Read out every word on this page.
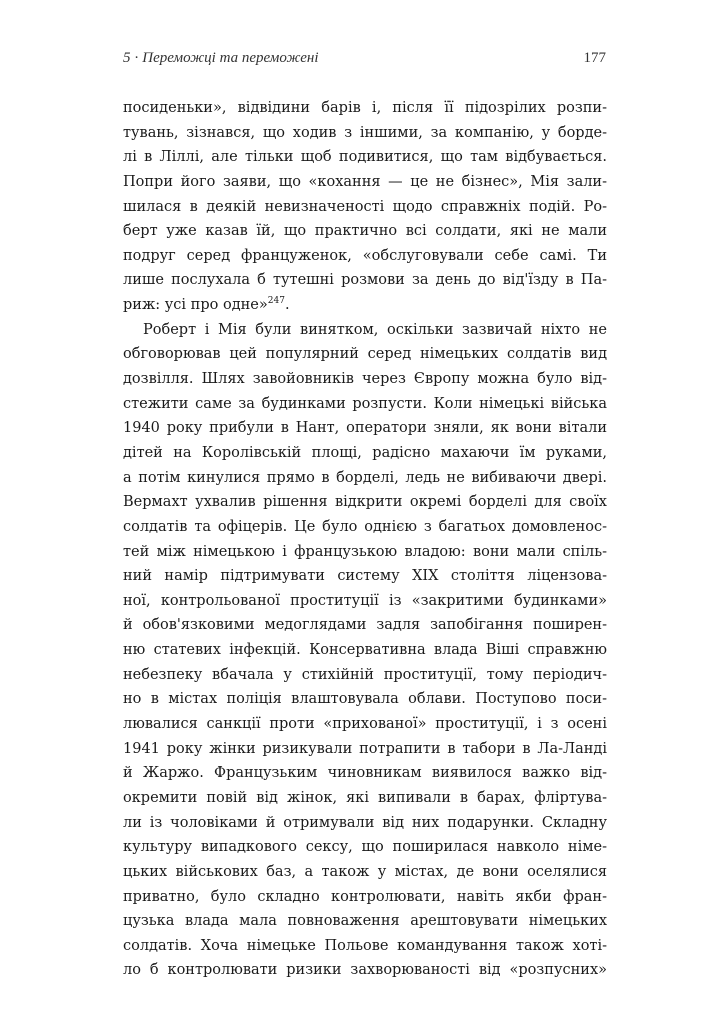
5 · Переможці та переможені	177
посиденьки», відвідини барів і, після її підозрілих розпи-
тувань, зізнався, що ходив з іншими, за компанію, у борде-
лі в Ліллі, але тільки щоб подивитися, що там відбувається.
Попри його заяви, що «кохання — це не бізнес», Мія зали-
шилася в деякій невизначеності щодо справжніх подій. Ро-
берт уже казав їй, що практично всі солдати, які не мали
подруг серед француженок, «обслуговували себе самі. Ти
лише послухала б тутешні розмови за день до від'їзду в Па-
риж: усі про одне»$^{247}$.
Роберт і Мія були винятком, оскільки зазвичай ніхто не
обговорював цей популярний серед німецьких солдатів вид
дозвілля. Шлях завойовників через Європу можна було від-
стежити саме за будинками розпусти. Коли німецькі війська
1940 року прибули в Нант, оператори зняли, як вони вітали
дітей на Королівській площі, радісно махаючи їм руками,
а потім кинулися прямо в борделі, ледь не вибиваючи двері.
Вермахт ухвалив рішення відкрити окремі борделі для своїх
солдатів та офіцерів. Це було однією з багатьох домовленос-
тей між німецькою і французькою владою: вони мали спіль-
ний намір підтримувати систему XIX століття ліцензова-
ної, контрольованої проституції із «закритими будинками»
й обов'язковими медоглядами задля запобігання поширен-
ню статевих інфекцій. Консервативна влада Віші справжню
небезпеку вбачала у стихійній проституції, тому періодич-
но в містах поліція влаштовувала облави. Поступово поси-
лювалися санкції проти «прихованої» проституції, і з осені
1941 року жінки ризикували потрапити в табори в Ла-Ланді
й Жаржо. Французьким чиновникам виявилося важко від-
окремити повій від жінок, які випивали в барах, флiртува-
ли із чоловіками й отримували від них подарунки. Складну
культуру випадкового сексу, що поширилася навколо німе-
цьких військових баз, а також у містах, де вони оселялися
приватно, було складно контролювати, навіть якби фран-
цузька влада мала повноваження арештовувати німецьких
солдатів. Хоча німецьке Польове командування також хоті-
ло б контролювати ризики захворюваності від «розпусних»
